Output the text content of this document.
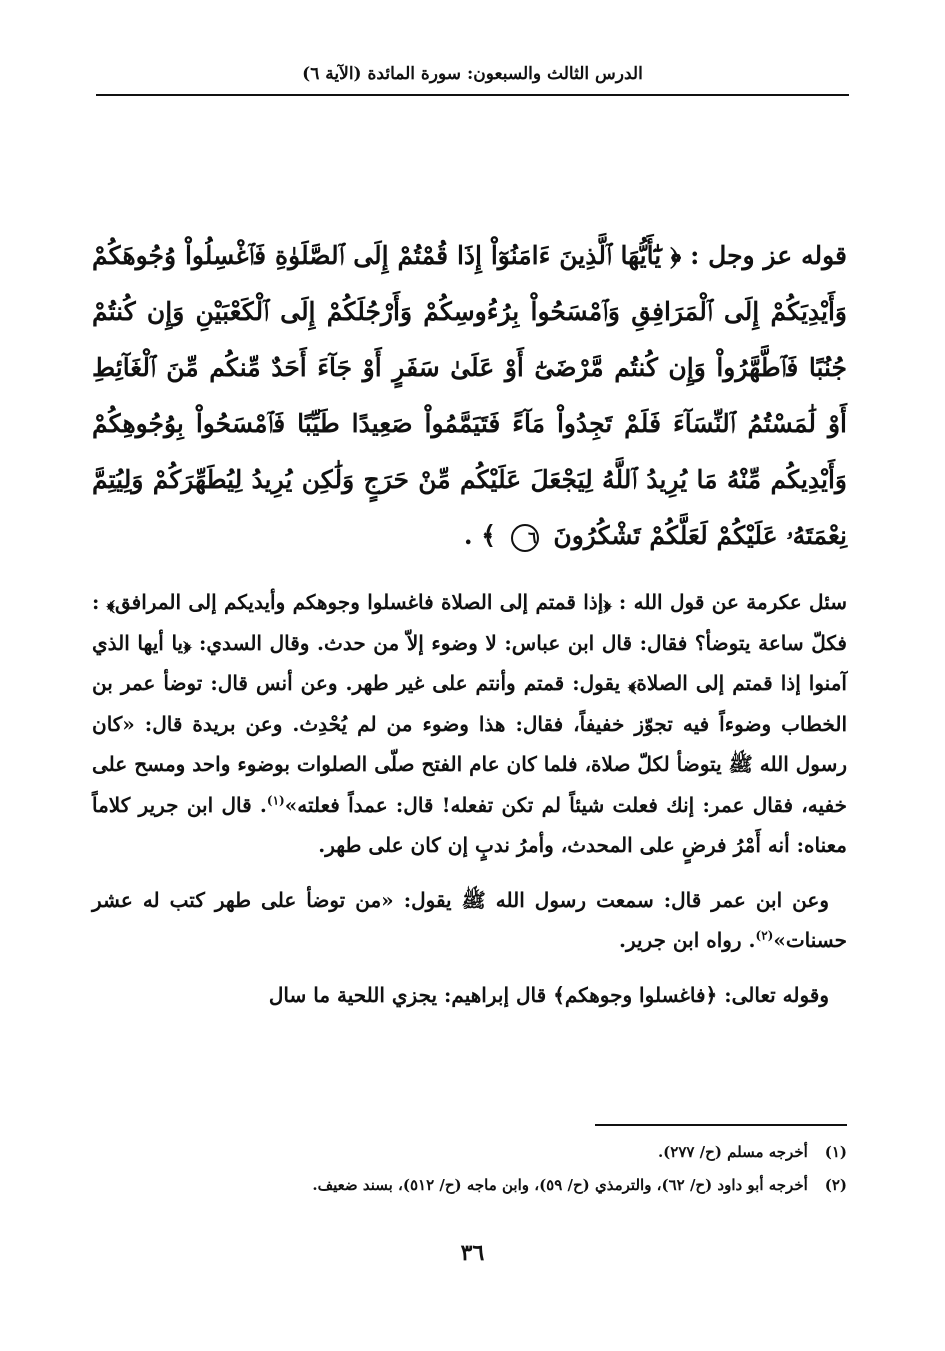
الدرس الثالث والسبعون: سورة المائدة (الآية ٦)

قوله عز وجل : ﴿ يَٰٓأَيُّهَا ٱلَّذِينَ ءَامَنُوٓاْ إِذَا قُمْتُمْ إِلَى ٱلصَّلَوٰةِ فَٱغْسِلُواْ وُجُوهَكُمْ وَأَيْدِيَكُمْ إِلَى ٱلْمَرَافِقِ وَٱمْسَحُواْ بِرُءُوسِكُمْ وَأَرْجُلَكُمْ إِلَى ٱلْكَعْبَيْنِ وَإِن كُنتُمْ جُنُبًا فَٱطَّهَّرُواْ وَإِن كُنتُم مَّرْضَىٰٓ أَوْ عَلَىٰ سَفَرٍ أَوْ جَآءَ أَحَدٌ مِّنكُم مِّنَ ٱلْغَآئِطِ أَوْ لَٰمَسْتُمُ ٱلنِّسَآءَ فَلَمْ تَجِدُواْ مَآءً فَتَيَمَّمُواْ صَعِيدًا طَيِّبًا فَٱمْسَحُواْ بِوُجُوهِكُمْ وَأَيْدِيكُم مِّنْهُ مَا يُرِيدُ ٱللَّهُ لِيَجْعَلَ عَلَيْكُم مِّنْ حَرَجٍ وَلَٰكِن يُرِيدُ لِيُطَهِّرَكُمْ وَلِيُتِمَّ نِعْمَتَهُۥ عَلَيْكُمْ لَعَلَّكُمْ تَشْكُرُونَ ٦ ﴾ .

سئل عكرمة عن قول الله : ﴿إذا قمتم إلى الصلاة فاغسلوا وجوهكم وأيديكم إلى المرافق﴾ : فكلّ ساعة يتوضأ؟ فقال: قال ابن عباس: لا وضوء إلاّ من حدث. وقال السدي: ﴿يا أيها الذي آمنوا إذا قمتم إلى الصلاة﴾ يقول: قمتم وأنتم على غير طهر. وعن أنس قال: توضأ عمر بن الخطاب وضوءاً فيه تجوّز خفيفاً، فقال: هذا وضوء من لم يُحْدِث. وعن بريدة قال: «كان رسول الله ﷺ يتوضأ لكلّ صلاة، فلما كان عام الفتح صلّى الصلوات بوضوء واحد ومسح على خفيه، فقال عمر: إنك فعلت شيئاً لم تكن تفعله! قال: عمداً فعلته»$^{(١)}$. قال ابن جرير كلاماً معناه: أنه أَمْرُ فرضٍ على المحدث، وأمرُ ندبٍ إن كان على طهر.

وعن ابن عمر قال: سمعت رسول الله ﷺ يقول: «من توضأ على طهر كتب له عشر حسنات»$^{(٢)}$. رواه ابن جرير.

وقوله تعالى: ﴿فاغسلوا وجوهكم﴾ قال إبراهيم: يجزي اللحية ما سال

(١) أخرجه مسلم (ح/ ٢٧٧).
(٢) أخرجه أبو داود (ح/ ٦٢)، والترمذي (ح/ ٥٩)، وابن ماجه (ح/ ٥١٢)، بسند ضعيف.
٣٦
